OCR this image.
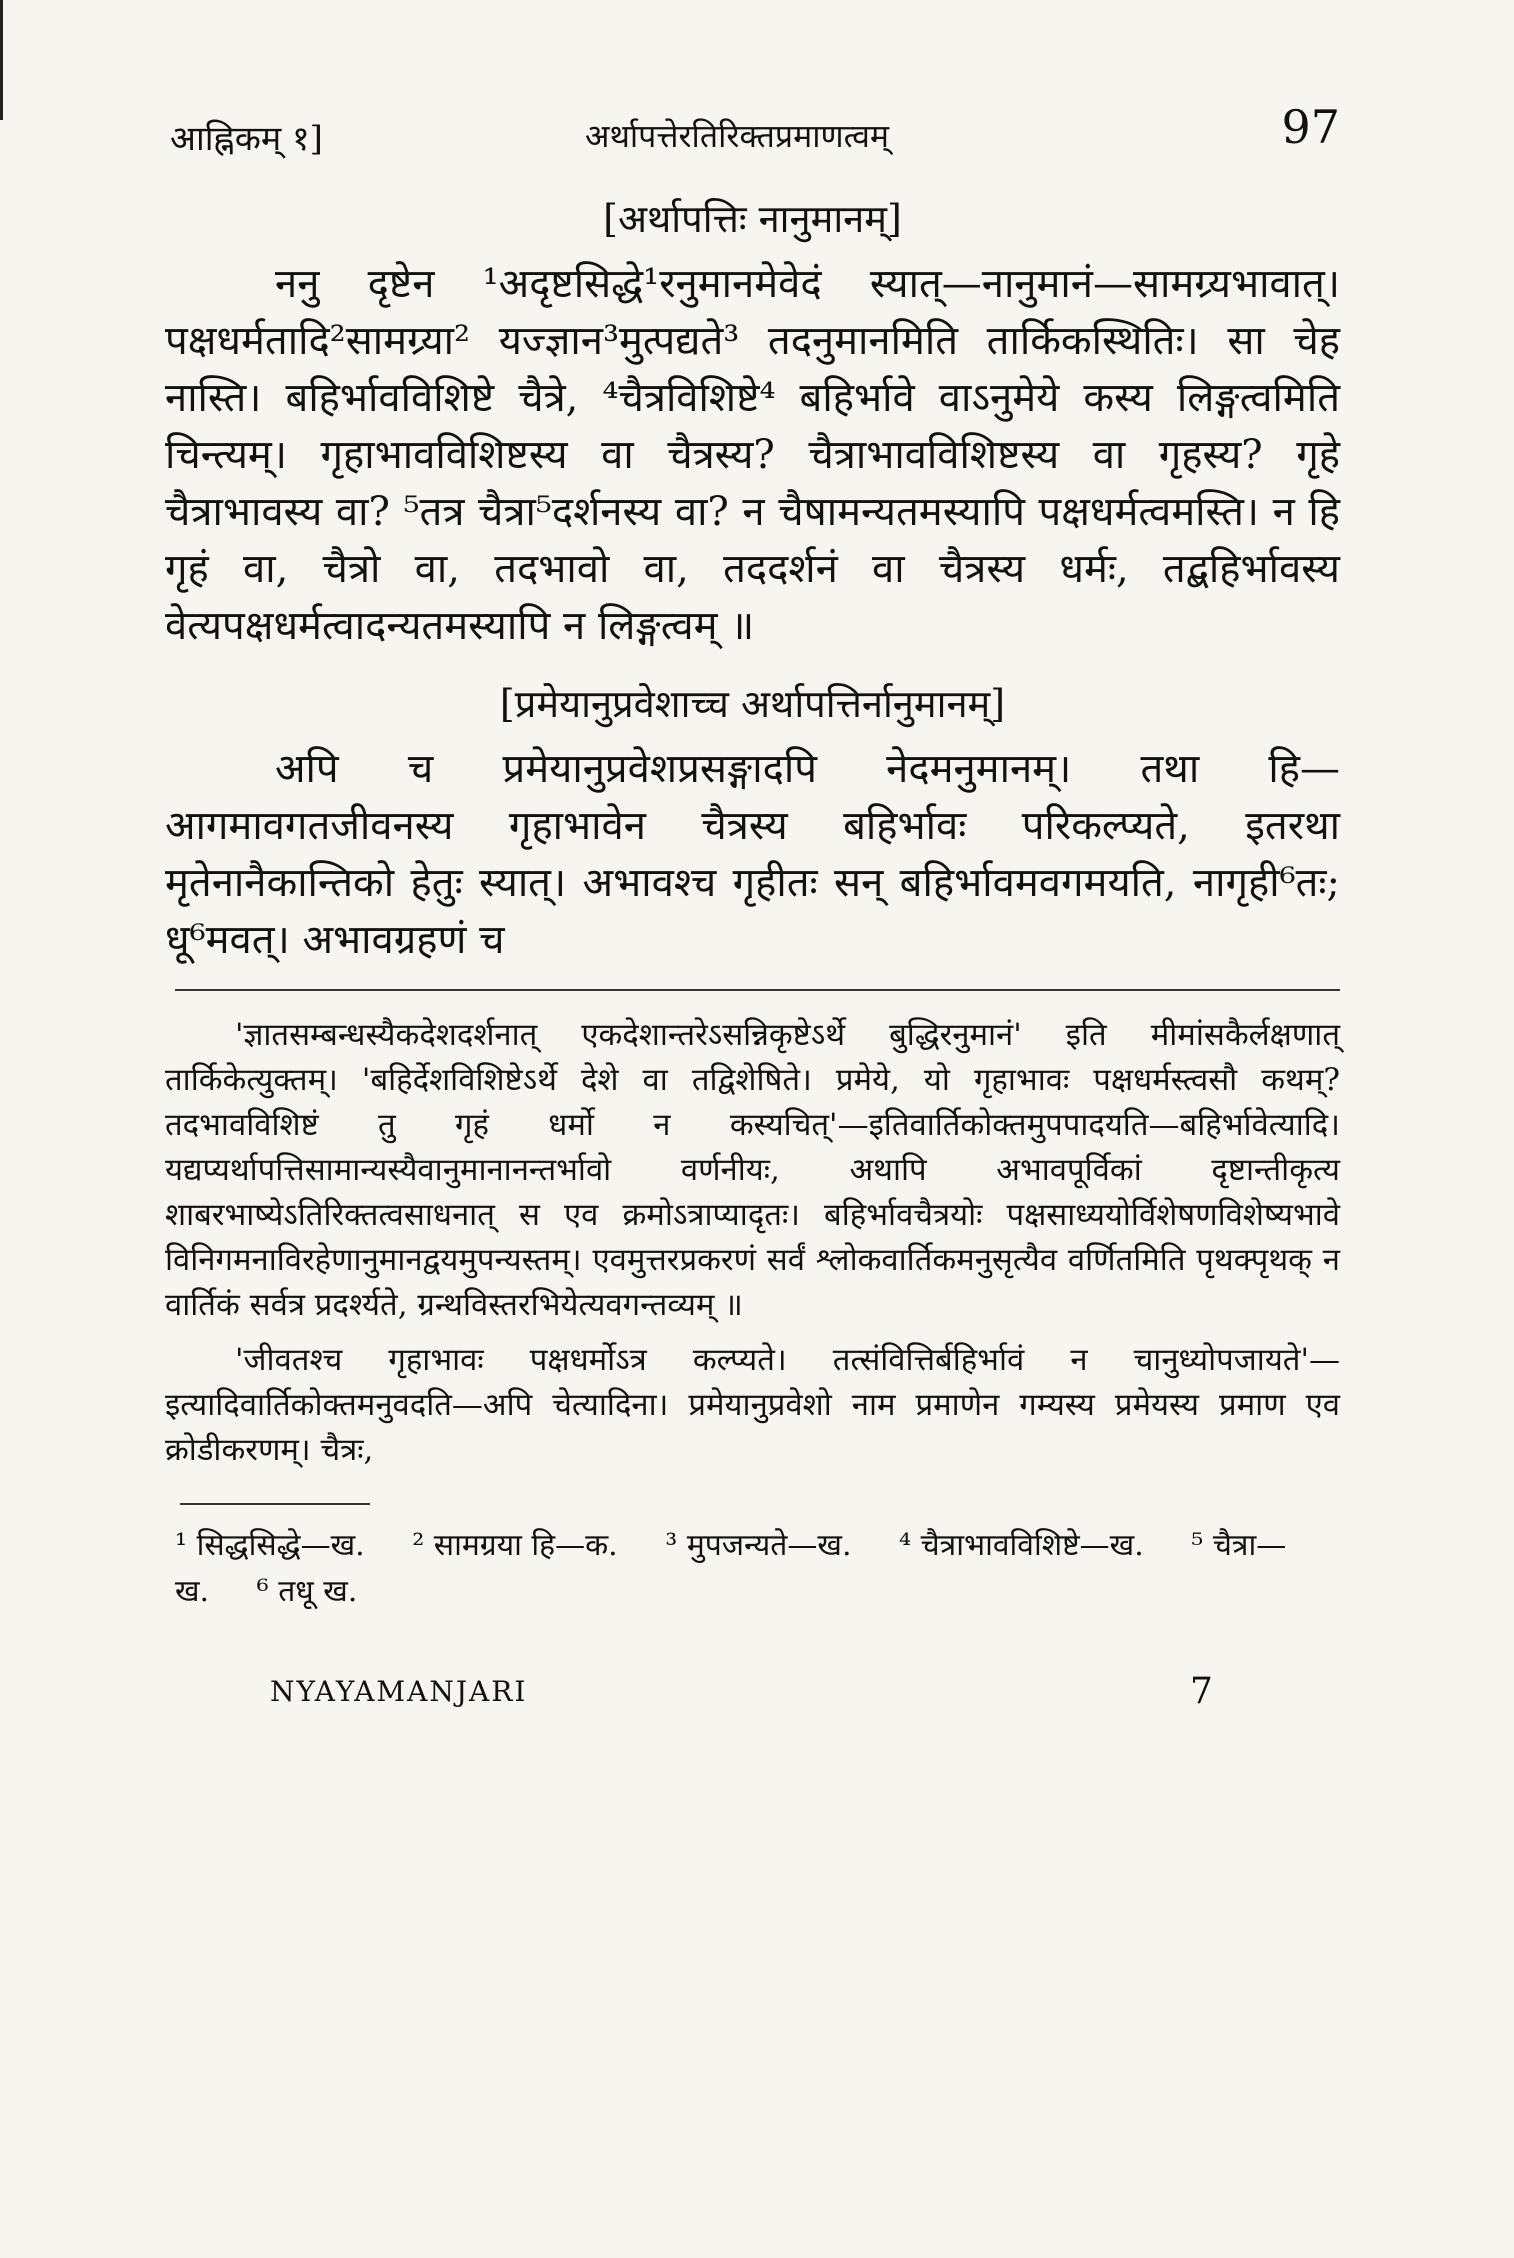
आह्निकम् १]	अर्थापत्तेरतिरिक्तप्रमाणत्वम्	97
[अर्थापत्तिः नानुमानम्]

ननु दृष्टेन ¹अदृष्टसिद्धे¹रनुमानमेवेदं स्यात्—नानुमानं—सामग्र्यभावात्। पक्षधर्मतादि²सामग्र्या² यज्ज्ञान³मुत्पद्यते³ तदनुमानमिति तार्किकस्थितिः। सा चेह नास्ति। बहिर्भावविशिष्टे चैत्रे, ⁴चैत्रविशिष्टे⁴ बहिर्भावे वाऽनुमेये कस्य लिङ्गत्वमिति चिन्त्यम्। गृहाभावविशिष्टस्य वा चैत्रस्य? चैत्राभावविशिष्टस्य वा गृहस्य? गृहे चैत्राभावस्य वा? ⁵तत्र चैत्रा⁵दर्शनस्य वा? न चैषामन्यतमस्यापि पक्षधर्मत्वमस्ति। न हि गृहं वा, चैत्रो वा, तदभावो वा, तददर्शनं वा चैत्रस्य धर्मः, तद्बहिर्भावस्य वेत्यपक्षधर्मत्वादन्यतमस्यापि न लिङ्गत्वम् ॥

[प्रमेयानुप्रवेशाच्च अर्थापत्तिर्नानुमानम्]

अपि च प्रमेयानुप्रवेशप्रसङ्गादपि नेदमनुमानम्। तथा हि—आगमावगतजीवनस्य गृहाभावेन चैत्रस्य बहिर्भावः परिकल्प्यते, इतरथा मृतेनानैकान्तिको हेतुः स्यात्। अभावश्च गृहीतः सन् बहिर्भावमवगमयति, नागृही⁶तः; धू⁶मवत्। अभावग्रहणं च

'ज्ञातसम्बन्धस्यैकदेशदर्शनात् एकदेशान्तरेऽसन्निकृष्टेऽर्थे बुद्धिरनुमानं' इति मीमांसकैर्लक्षणात् तार्किकेत्युक्तम्। 'बहिर्देशविशिष्टेऽर्थे देशे वा तद्विशेषिते। प्रमेये, यो गृहाभावः पक्षधर्मस्त्वसौ कथम्? तदभावविशिष्टं तु गृहं धर्मो न कस्यचित्'—इतिवार्तिकोक्तमुपपादयति—बहिर्भावेत्यादि। यद्यप्यर्थापत्तिसामान्यस्यैवानुमानानन्तर्भावो वर्णनीयः, अथापि अभावपूर्विकां दृष्टान्तीकृत्य शाबरभाष्येऽतिरिक्तत्वसाधनात् स एव क्रमोऽत्राप्यादृतः। बहिर्भावचैत्रयोः पक्षसाध्ययोर्विशेषणविशेष्यभावे विनिगमनाविरहेणानुमानद्वयमुपन्यस्तम्। एवमुत्तरप्रकरणं सर्वं श्लोकवार्तिकमनुसृत्यैव वर्णितमिति पृथक्पृथक् न वार्तिकं सर्वत्र प्रदर्श्यते, ग्रन्थविस्तरभियेत्यवगन्तव्यम् ॥

'जीवतश्च गृहाभावः पक्षधर्मोऽत्र कल्प्यते। तत्संवित्तिर्बहिर्भावं न चानुध्योपजायते'—इत्यादिवार्तिकोक्तमनुवदति—अपि चेत्यादिना। प्रमेयानुप्रवेशो नाम प्रमाणेन गम्यस्य प्रमेयस्य प्रमाण एव क्रोडीकरणम्। चैत्रः,

¹ सिद्धसिद्धे—ख. ² सामग्रया हि—क. ³ मुपजन्यते—ख. ⁴ चैत्राभावविशिष्टे—ख. ⁵ चैत्रा—ख. ⁶ तधू ख.
NYAYAMANJARI	7
